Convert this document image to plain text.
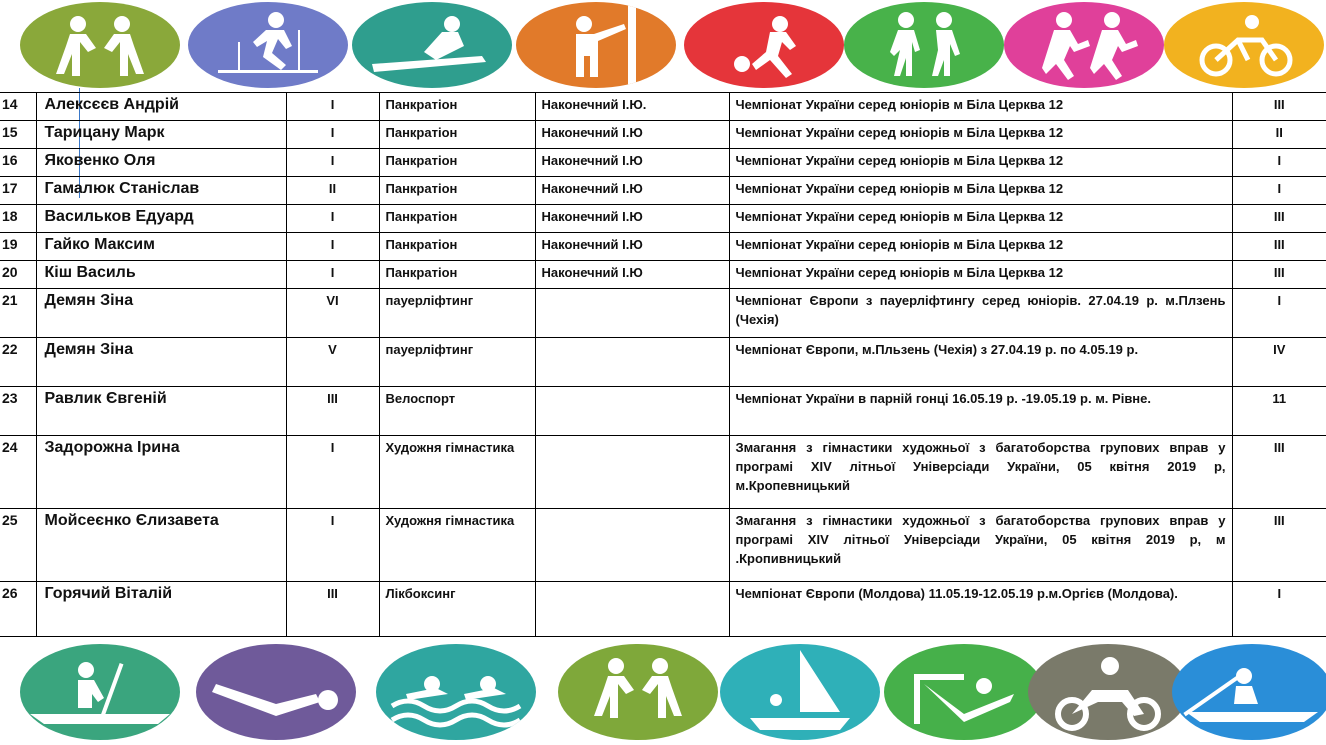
14	Алексєєв Андрій	I	Панкратіон	Наконечний І.Ю.	Чемпіонат України серед юніорів м Біла Церква 12	III
15	Тарицану Марк	I	Панкратіон	Наконечний І.Ю	Чемпіонат України серед юніорів м Біла Церква 12	II
16	Яковенко Оля	I	Панкратіон	Наконечний І.Ю	Чемпіонат України серед юніорів м Біла Церква 12	I
17	Гамалюк Станіслав	II	Панкратіон	Наконечний І.Ю	Чемпіонат України серед юніорів м Біла Церква 12	I
18	Васильков Едуард	I	Панкратіон	Наконечний І.Ю	Чемпіонат України серед юніорів м Біла Церква 12	III
19	Гайко Максим	I	Панкратіон	Наконечний І.Ю	Чемпіонат України серед юніорів м Біла Церква 12	III
20	Кіш Василь	I	Панкратіон	Наконечний І.Ю	Чемпіонат України серед юніорів м Біла Церква 12	III
21	Демян Зіна	VI	пауерліфтинг		Чемпіонат Європи з пауерліфтингу серед юніорів. 27.04.19 р. м.Плзень (Чехія)	I
22	Демян Зіна	V	пауерліфтинг		Чемпіонат Європи, м.Пльзень (Чехія) з 27.04.19 р. по 4.05.19 р.	IV
23	Равлик Євгеній	III	Велоспорт		Чемпіонат України в парній гонці 16.05.19 р. -19.05.19 р. м. Рівне.	11
24	Задорожна Ірина	I	Художня гімнастика		Змагання з гімнастики художньої з багатоборства групових вправ у програмі XIV літньої Універсіади України, 05 квітня 2019 р, м.Кропевницький	III
25	Мойсеєнко Єлизавета	I	Художня гімнастика		Змагання з гімнастики художньої з багатоборства групових вправ у програмі XIV літньої Універсіади України, 05 квітня 2019 р, м .Кропивницький	III
26	Горячий Віталій	III	Лікбоксинг		Чемпіонат Європи (Молдова) 11.05.19-12.05.19 р.м.Оргієв (Молдова).	I
